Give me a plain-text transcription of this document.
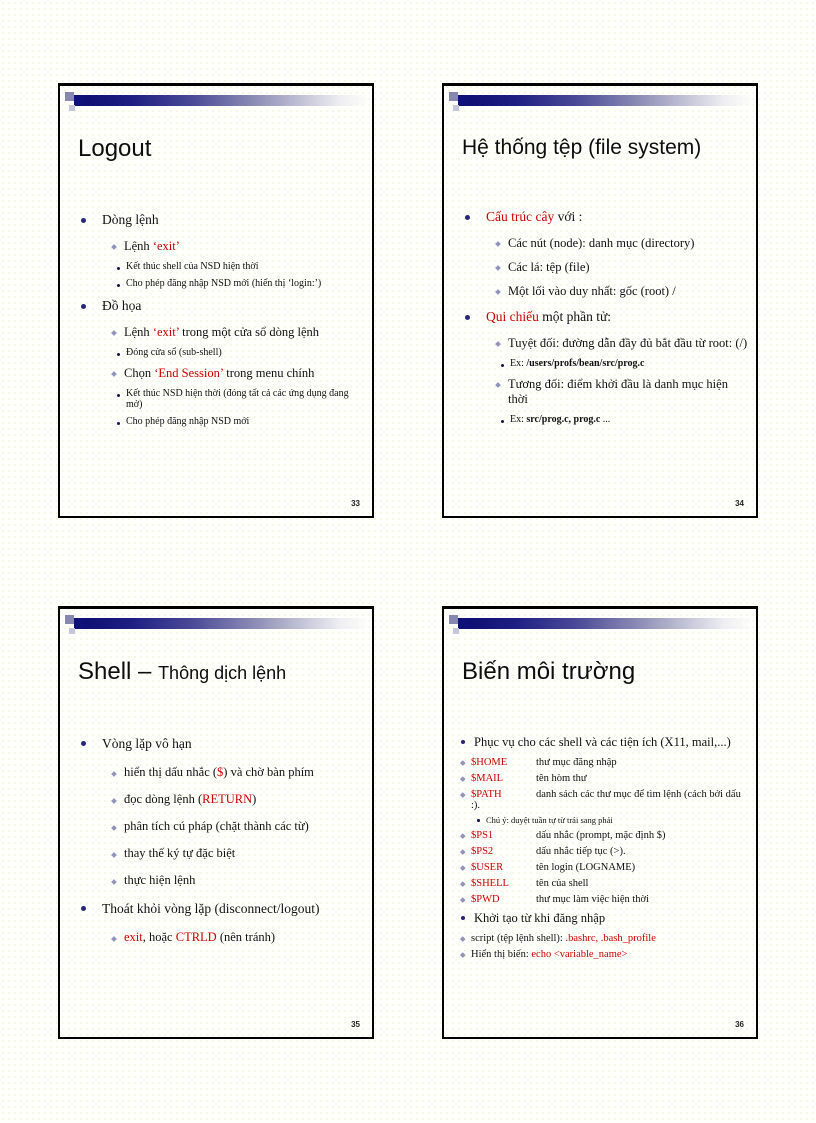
Logout
Dòng lệnh
Lệnh ‘exit’
Kết thúc shell của NSD hiện thời
Cho phép đăng nhập NSD mới (hiển thị ‘login:’)
Đồ họa
Lệnh ‘exit’ trong một cửa sổ dòng lệnh
Đóng cửa sổ (sub-shell)
Chọn ‘End Session’ trong menu chính
Kết thúc NSD hiện thời (đóng tất cả các ứng dụng đang mở)
Cho phép đăng nhập NSD mới
33
Hệ thống tệp (file system)
Cấu trúc cây với :
Các nút (node): danh mục (directory)
Các lá: tệp (file)
Một lối vào duy nhất: gốc (root) /
Qui chiếu một phần tử:
Tuyệt đối: đường dẫn đầy đủ bắt đầu từ root: (/)
Ex: /users/profs/bean/src/prog.c
Tương đối: điểm khởi đầu là danh mục hiện thời
Ex: src/prog.c, prog.c ...
34
Shell – Thông dịch lệnh
Vòng lặp vô hạn
hiển thị dấu nhắc ($) và chờ bàn phím
đọc dòng lệnh (RETURN)
phân tích cú pháp (chặt thành các từ)
thay thế ký tự đặc biệt
thực hiện lệnh
Thoát khỏi vòng lặp (disconnect/logout)
exit, hoặc CTRLD (nên tránh)
35
Biến môi trường
Phục vụ cho các shell và các tiện ích (X11, mail,...)
$HOME	thư mục đăng nhập
$MAIL	tên hòm thư
$PATH	danh sách các thư mục để tìm lệnh (cách bởi dấu :).
Chú ý: duyệt tuần tự từ trái sang phải
$PS1	dấu nhắc (prompt, mặc định $)
$PS2	dấu nhắc tiếp tục (>).
$USER	tên login (LOGNAME)
$SHELL	tên của shell
$PWD	thư mục làm việc hiện thời
Khởi tạo từ khi đăng nhập
script (tệp lệnh shell): .bashrc, .bash_profile
Hiển thị biến: echo <variable_name>
36
